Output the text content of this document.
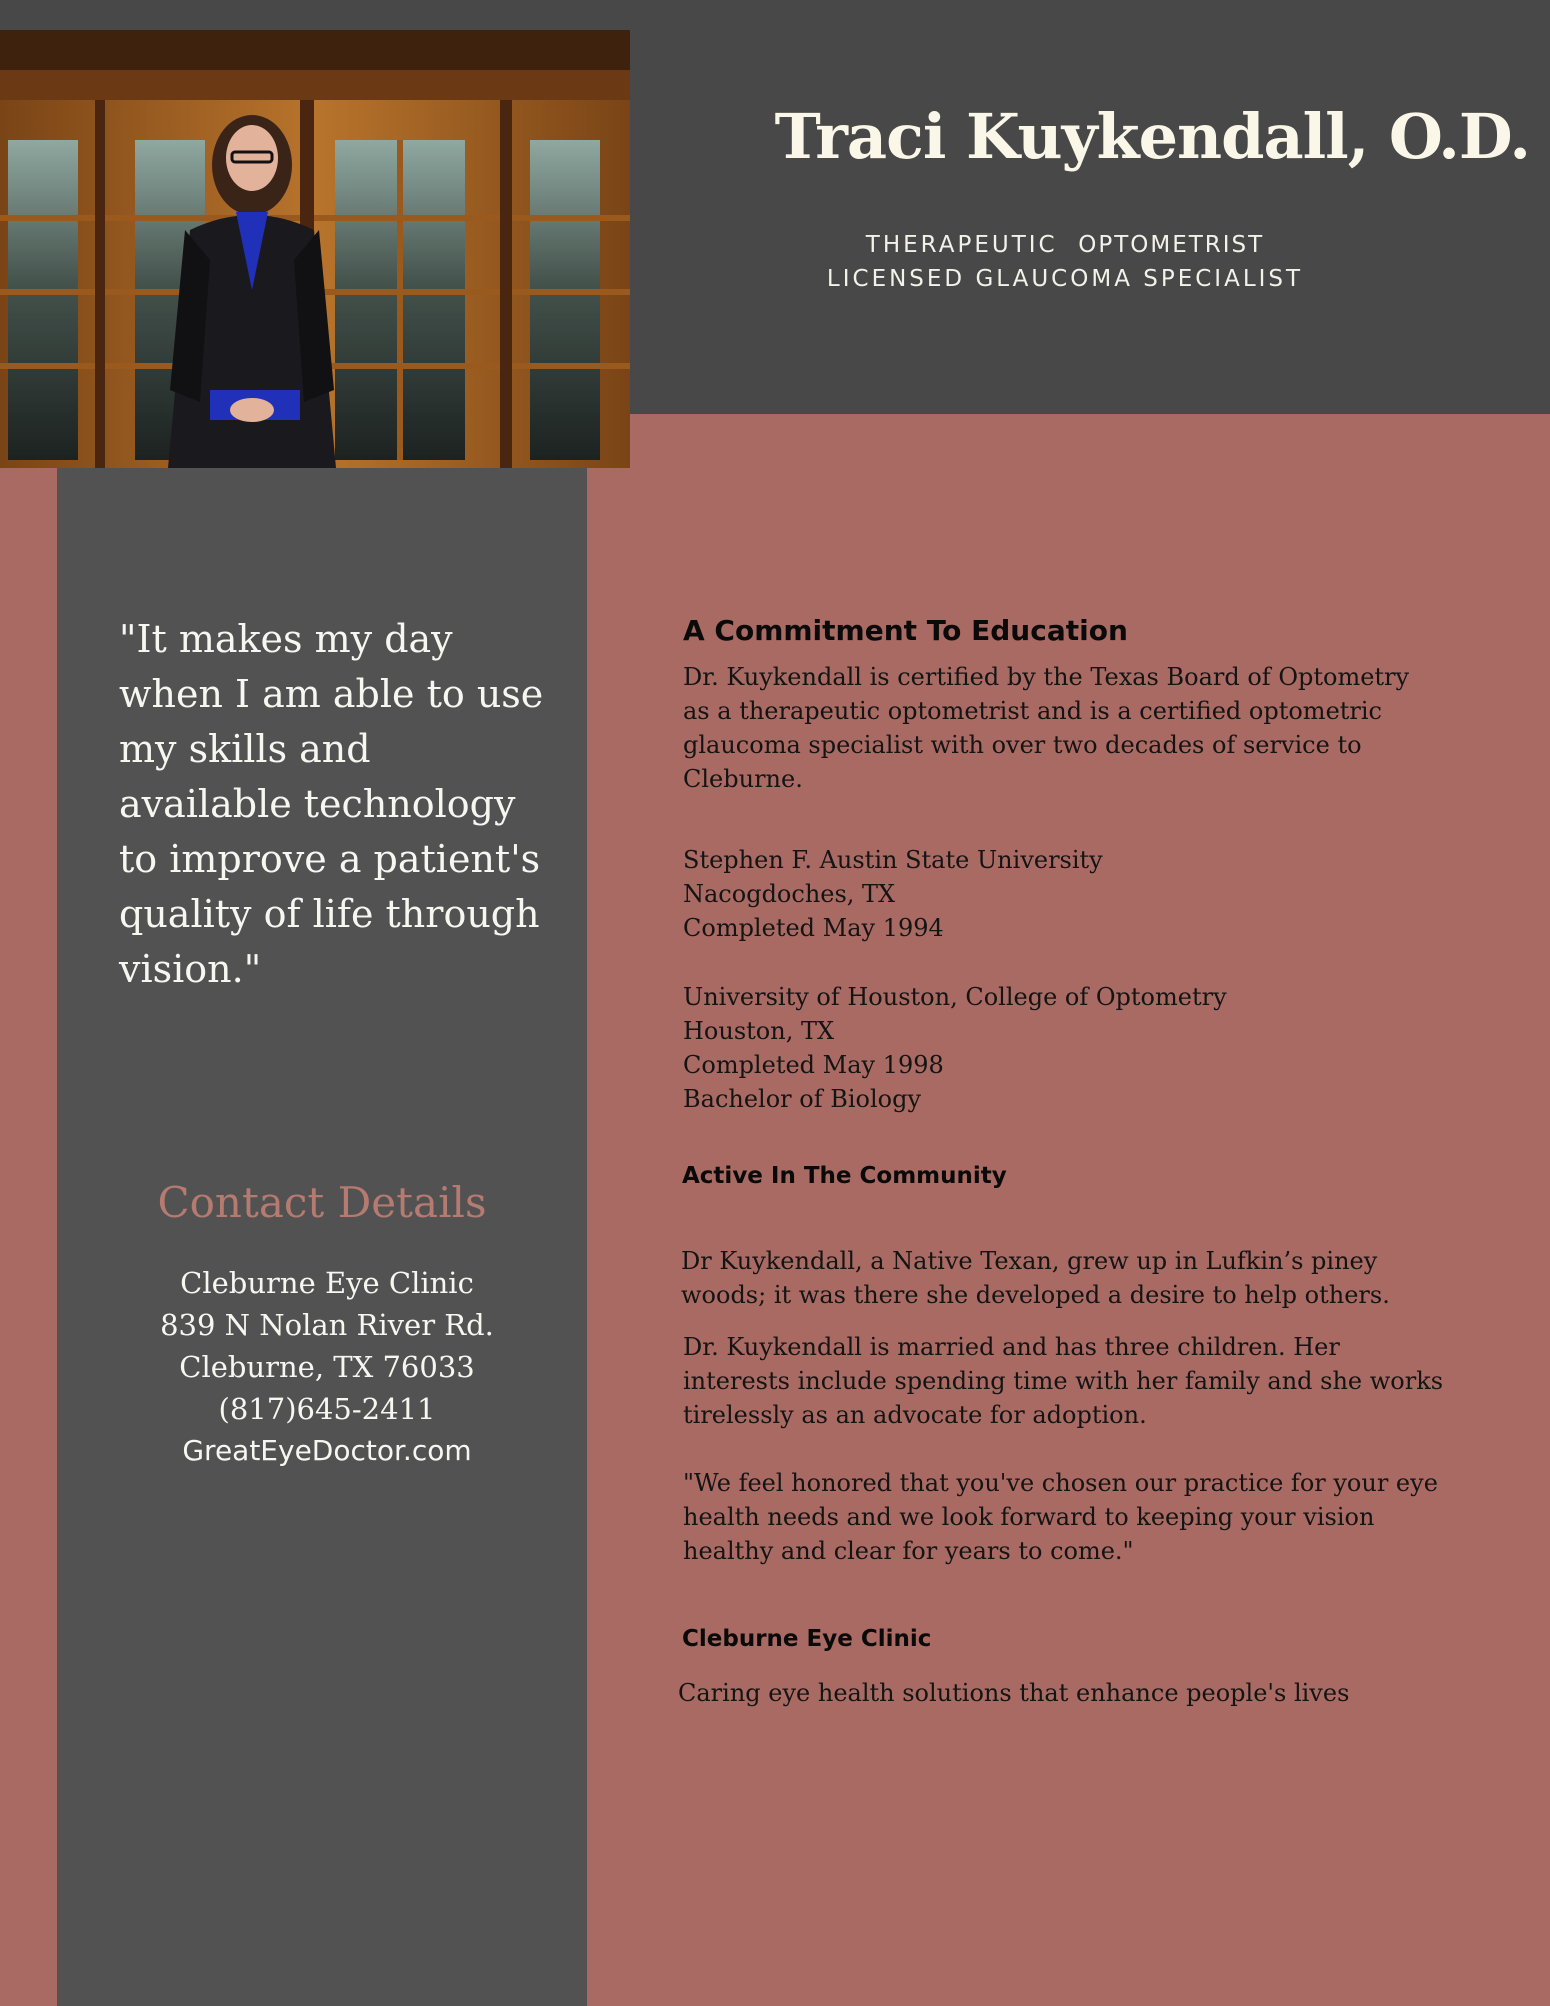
Traci Kuykendall, O.D.
THERAPEUTIC OPTOMETRIST
LICENSED GLAUCOMA SPECIALIST
"It makes my day
when I am able to use
my skills and
available technology
to improve a patient's
quality of life through
vision."
Contact Details
Cleburne Eye Clinic
839 N Nolan River Rd.
Cleburne, TX 76033
(817)645-2411
GreatEyeDoctor.com
A Commitment To Education
Dr. Kuykendall is certified by the Texas Board of Optometry
as a therapeutic optometrist and is a certified optometric
glaucoma specialist with over two decades of service to
Cleburne.
Stephen F. Austin State University
Nacogdoches, TX
Completed May 1994
University of Houston, College of Optometry
Houston, TX
Completed May 1998
Bachelor of Biology
Active In The Community
Dr Kuykendall, a Native Texan, grew up in Lufkin’s piney
woods; it was there she developed a desire to help others.
Dr. Kuykendall is married and has three children. Her
interests include spending time with her family and she works
tirelessly as an advocate for adoption.
"We feel honored that you've chosen our practice for your eye
health needs and we look forward to keeping your vision
healthy and clear for years to come."
Cleburne Eye Clinic
Caring eye health solutions that enhance people's lives
